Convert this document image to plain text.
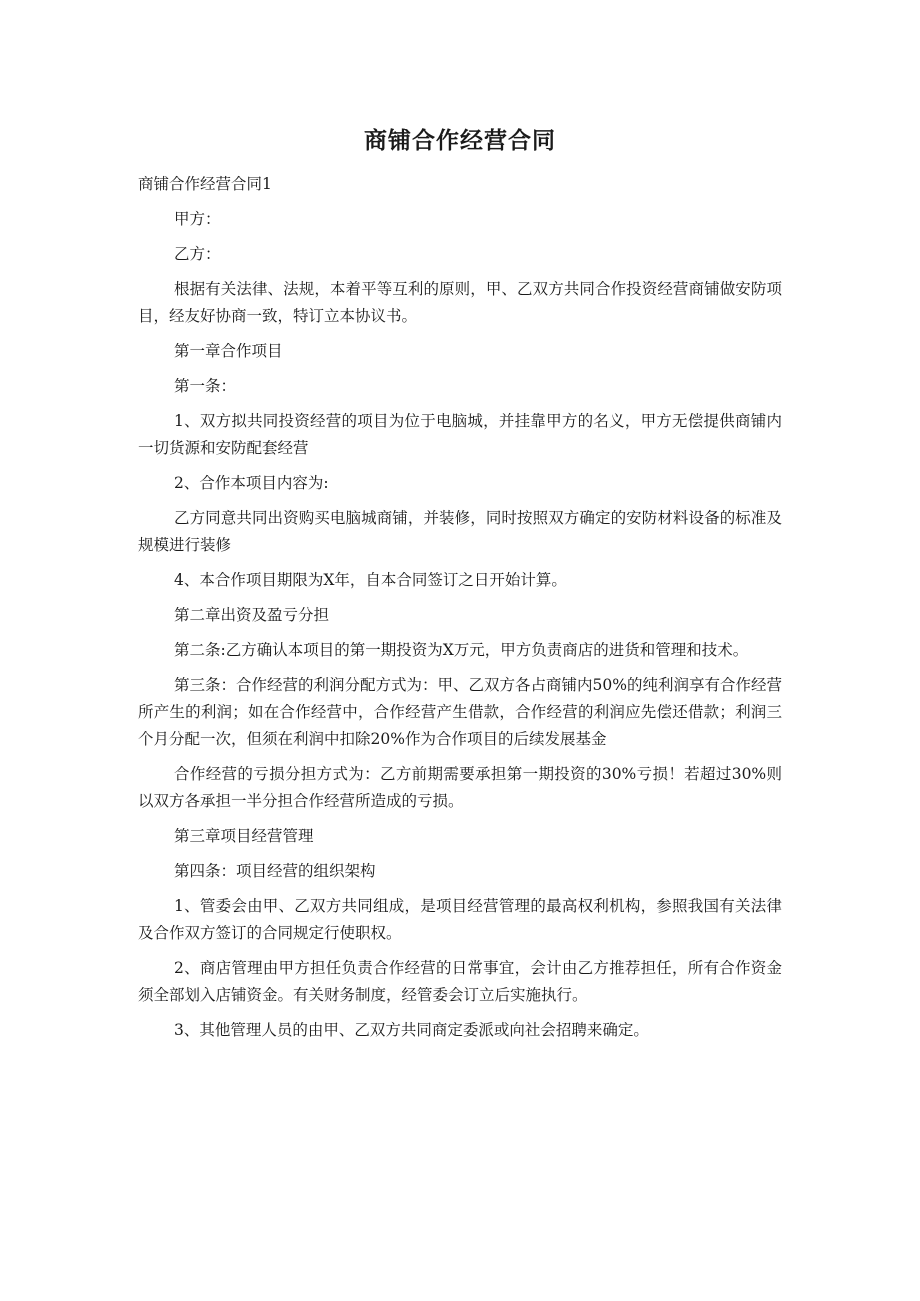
商铺合作经营合同

商铺合作经营合同1

甲方：

乙方：

根据有关法律、法规，本着平等互利的原则，甲、乙双方共同合作投资经营商铺做安防项目，经友好协商一致，特订立本协议书。

第一章合作项目

第一条：

1、双方拟共同投资经营的项目为位于电脑城，并挂靠甲方的名义，甲方无偿提供商铺内一切货源和安防配套经营

2、合作本项目内容为:

乙方同意共同出资购买电脑城商铺，并装修，同时按照双方确定的安防材料设备的标准及规模进行装修

4、本合作项目期限为X年，自本合同签订之日开始计算。

第二章出资及盈亏分担

第二条:乙方确认本项目的第一期投资为X万元，甲方负责商店的进货和管理和技术。

第三条：合作经营的利润分配方式为：甲、乙双方各占商铺内50%的纯利润享有合作经营所产生的利润；如在合作经营中，合作经营产生借款，合作经营的利润应先偿还借款；利润三个月分配一次，但须在利润中扣除20%作为合作项目的后续发展基金

合作经营的亏损分担方式为：乙方前期需要承担第一期投资的30%亏损！若超过30%则以双方各承担一半分担合作经营所造成的亏损。

第三章项目经营管理

第四条：项目经营的组织架构

1、管委会由甲、乙双方共同组成，是项目经营管理的最高权利机构，参照我国有关法律及合作双方签订的合同规定行使职权。

2、商店管理由甲方担任负责合作经营的日常事宜，会计由乙方推荐担任，所有合作资金须全部划入店铺资金。有关财务制度，经管委会订立后实施执行。

3、其他管理人员的由甲、乙双方共同商定委派或向社会招聘来确定。
